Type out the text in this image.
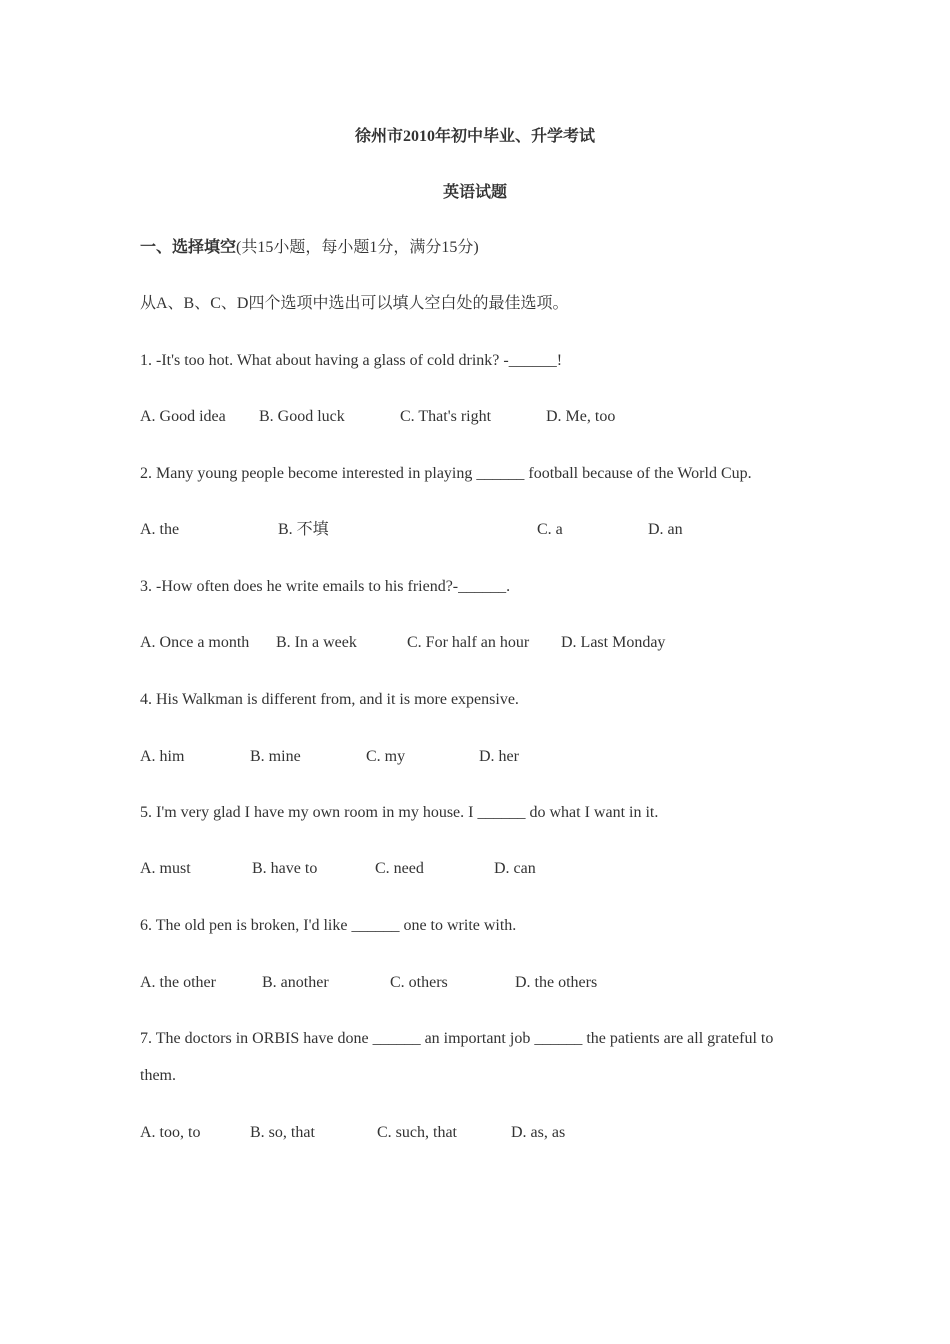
徐州市2010年初中毕业、升学考试
英语试题
一、选择填空(共15小题，每小题1分，满分15分)
从A、B、C、D四个选项中选出可以填人空白处的最佳选项。
1. -It's too hot. What about having a glass of cold drink? -______!
A. Good idea B. Good luck	C. That's right	D. Me, too
2. Many young people become interested in playing ______ football because of the World Cup.
A. the	B. 不填	C. a	D. an
3. -How often does he write emails to his friend?-______.
A. Once a month B. In a week	C. For half an hour D. Last Monday
4. His Walkman is different from, and it is more expensive.
A. him	B. mine	C. my	D. her
5. I'm very glad I have my own room in my house. I ______ do what I want in it.
A. must	B. have to	C. need	D. can
6. The old pen is broken, I'd like ______ one to write with.
A. the other	B. another	C. others	D. the others
7. The doctors in ORBIS have done ______ an important job ______ the patients are all grateful to
them.
A. too, to	B. so, that	C. such, that	D. as, as
